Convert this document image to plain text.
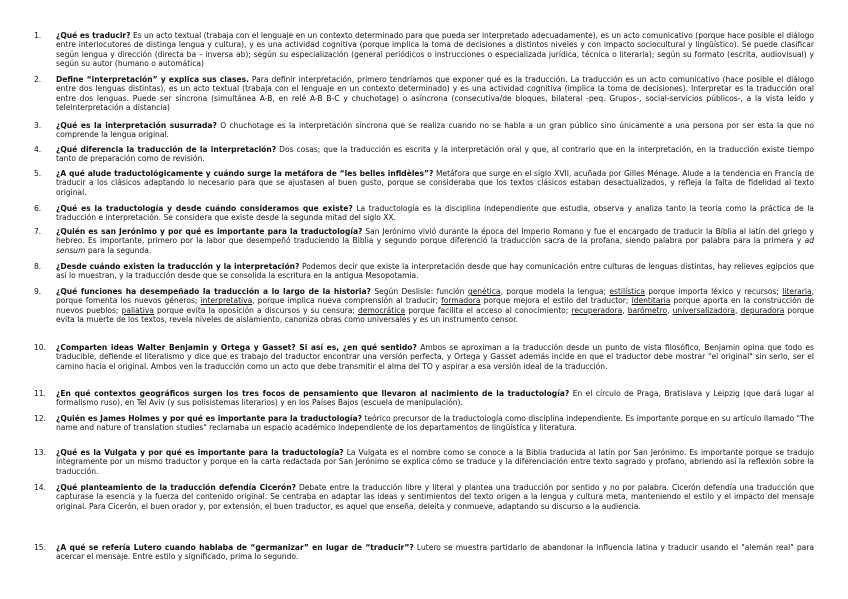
1. ¿Qué es traducir? Es un acto textual (trabaja con el lenguaje en un contexto determinado para que pueda ser interpretado adecuadamente), es un acto comunicativo (porque hace posible el diálogo entre interlocutores de distinga lengua y cultura), y es una actividad cognitiva (porque implica la toma de decisiones a distintos niveles y con impacto sociocultural y lingüístico). Se puede clasificar según lengua y dirección (directa ba – inversa ab); según su especialización (general periódicos o instrucciones o especializada jurídica, técnica o literaria); según su formato (escrita, audiovisual) y según su autor (humano o automática)
2. Define “interpretación” y explica sus clases. Para definir interpretación, primero tendríamos que exponer qué es la traducción. La traducción es un acto comunicativo (hace posible el diálogo entre dos lenguas distintas), es un acto textual (trabaja con el lenguaje en un contexto determinado) y es una actividad cognitiva (implica la toma de decisiones). Interpretar es la traducción oral entre dos lenguas. Puede ser síncrona (simultánea A-B, en relé A-B B-C y chuchotage) o asíncrona (consecutiva/de bloques, bilateral -peq. Grupos-, social-servicios públicos-, a la vista leído y teleinterpretación a distancia)
3. ¿Qué es la interpretación susurrada? O chuchotage es la interpretación síncrona que se realiza cuando no se habla a un gran público sino únicamente a una persona por ser esta la que no comprende la lengua original.
4. ¿Qué diferencia la traducción de la interpretación? Dos cosas; que la traducción es escrita y la interpretación oral y que, al contrario que en la interpretación, en la traducción existe tiempo tanto de preparación como de revisión.
5. ¿A qué alude traductológicamente y cuándo surge la metáfora de “les belles infidèles”? Metáfora que surge en el siglo XVII, acuñada por Gilles Ménage. Alude a la tendencia en Francia de traducir a los clásicos adaptando lo necesario para que se ajustasen al buen gusto, porque se consideraba que los textos clásicos estaban desactualizados, y refleja la falta de fidelidad al texto original.
6. ¿Qué es la traductología y desde cuándo consideramos que existe? La traductología es la disciplina independiente que estudia, observa y analiza tanto la teoría como la práctica de la traducción e interpretación. Se considera que existe desde la segunda mitad del siglo XX.
7. ¿Quién es san Jerónimo y por qué es importante para la traductología? San Jerónimo vivió durante la época del Imperio Romano y fue el encargado de traducir la Biblia al latín del griego y hebreo. Es importante, primero por la labor que desempeñó traduciendo la Biblia y segundo porque diferenció la traducción sacra de la profana, siendo palabra por palabra para la primera y ad sensum para la segunda.
8. ¿Desde cuándo existen la traducción y la interpretación? Podemos decir que existe la interpretación desde que hay comunicación entre culturas de lenguas distintas, hay relieves egipcios que así lo muestran, y la traducción desde que se consolida la escritura en la antigua Mesopotamia.
9. ¿Qué funciones ha desempeñado la traducción a lo largo de la historia? Según Deslisle: función genética, porque modela la lengua; estilística porque importa léxico y recursos; literaria, porque fomenta los nuevos géneros; interpretativa, porque implica nueva comprensión al traducir; formadora porque mejora el estilo del traductor; identitaria porque aporta en la construcción de nuevos pueblos; paliativa porque evita la oposición a discursos y su censura; democrática porque facilita el acceso al conocimiento; recuperadora, barómetro, universalizadora, depuradora porque evita la muerte de los textos, revela niveles de aislamiento, canoniza obras como universales y es un instrumento censor.
10. ¿Comparten ideas Walter Benjamin y Ortega y Gasset? Si así es, ¿en qué sentido? Ambos se aproximan a la traducción desde un punto de vista filosófico, Benjamin opina que todo es traducible, defiende el literalismo y dice que es trabajo del traductor encontrar una versión perfecta, y Ortega y Gasset además incide en que el traductor debe mostrar "el original" sin serlo, ser el camino hacia el original. Ambos ven la traducción como un acto que debe transmitir el alma del TO y aspirar a esa versión ideal de la traducción.
11. ¿En qué contextos geográficos surgen los tres focos de pensamiento que llevaron al nacimiento de la traductología? En el círculo de Praga, Bratislava y Leipzig (que dará lugar al formalismo ruso), en Tel Aviv (y sus polisistemas literarios) y en los Países Bajos (escuela de manipulación).
12. ¿Quién es James Holmes y por qué es importante para la traductología? teórico precursor de la traductología como disciplina independiente. Es importante porque en su artículo llamado "The name and nature of translation studies" reclamaba un espacio académico independiente de los departamentos de lingüística y literatura.
13. ¿Qué es la Vulgata y por qué es importante para la traductología? La Vulgata es el nombre como se conoce a la Biblia traducida al latín por San Jerónimo. Es importante porque se tradujo íntegramente por un mismo traductor y porque en la carta redactada por San Jerónimo se explica cómo se traduce y la diferenciación entre texto sagrado y profano, abriendo así la reflexión sobre la traducción.
14. ¿Qué planteamiento de la traducción defendía Cicerón? Debate entre la traducción libre y literal y plantea una traducción por sentido y no por palabra. Cicerón defendía una traducción que capturase la esencia y la fuerza del contenido original. Se centraba en adaptar las ideas y sentimientos del texto origen a la lengua y cultura meta, manteniendo el estilo y el impacto del mensaje original. Para Cicerón, el buen orador y, por extensión, el buen traductor, es aquel que enseña, deleita y conmueve, adaptando su discurso a la audiencia.
15. ¿A qué se refería Lutero cuando hablaba de “germanizar” en lugar de “traducir”? Lutero se muestra partidario de abandonar la influencia latina y traducir usando el "alemán real" para acercar el mensaje. Entre estilo y significado, prima lo segundo.
